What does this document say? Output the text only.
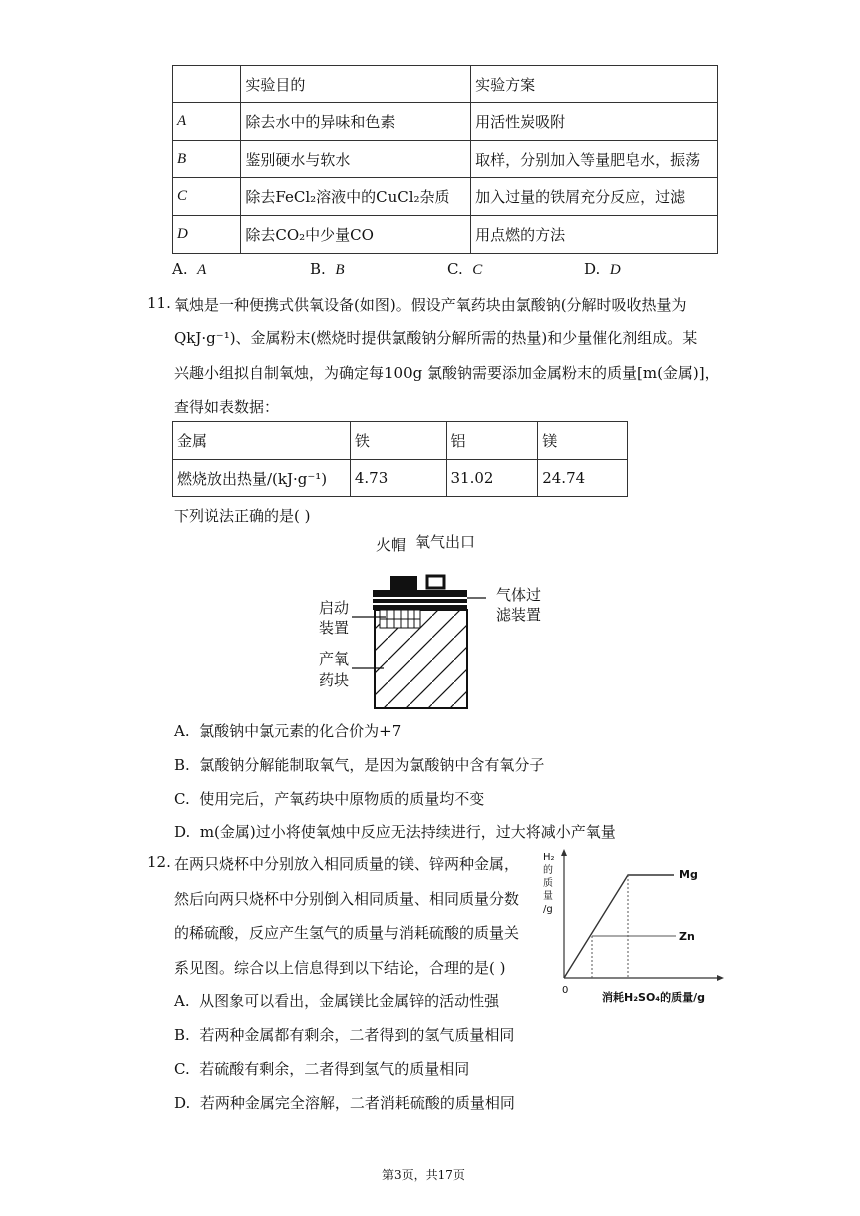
	实验目的	实验方案
A	除去水中的异味和色素	用活性炭吸附
B	鉴别硬水与软水	取样，分别加入等量肥皂水，振荡
C	除去FeCl₂溶液中的CuCl₂杂质	加入过量的铁屑充分反应，过滤
D	除去CO₂中少量CO	用点燃的方法
A. A	B. B	C. C	D. D
11. 氧烛是一种便携式供氧设备(如图)。假设产氧药块由氯酸钠(分解时吸收热量为
QkJ·g⁻¹)、金属粉末(燃烧时提供氯酸钠分解所需的热量)和少量催化剂组成。某
兴趣小组拟自制氧烛，为确定每100g 氯酸钠需要添加金属粉末的质量[m(金属)]，
查得如表数据：
金属	铁	铝	镁
燃烧放出热量/(kJ·g⁻¹)	4.73	31.02	24.74
下列说法正确的是( )
火帽 氧气出口
气体过
滤装置
启动
装置
产氧
药块
A. 氯酸钠中氯元素的化合价为+7
B. 氯酸钠分解能制取氧气，是因为氯酸钠中含有氧分子
C. 使用完后，产氧药块中原物质的质量均不变
D. m(金属)过小将使氧烛中反应无法持续进行，过大将减小产氧量
12. 在两只烧杯中分别放入相同质量的镁、锌两种金属，
然后向两只烧杯中分别倒入相同质量、相同质量分数
的稀硫酸，反应产生氢气的质量与消耗硫酸的质量关
系见图。综合以上信息得到以下结论，合理的是( )
H₂
的
质
量
/g
Mg
Zn
0
消耗H₂SO₄的质量/g
A. 从图象可以看出，金属镁比金属锌的活动性强
B. 若两种金属都有剩余，二者得到的氢气质量相同
C. 若硫酸有剩余，二者得到氢气的质量相同
D. 若两种金属完全溶解，二者消耗硫酸的质量相同
第3页，共17页
